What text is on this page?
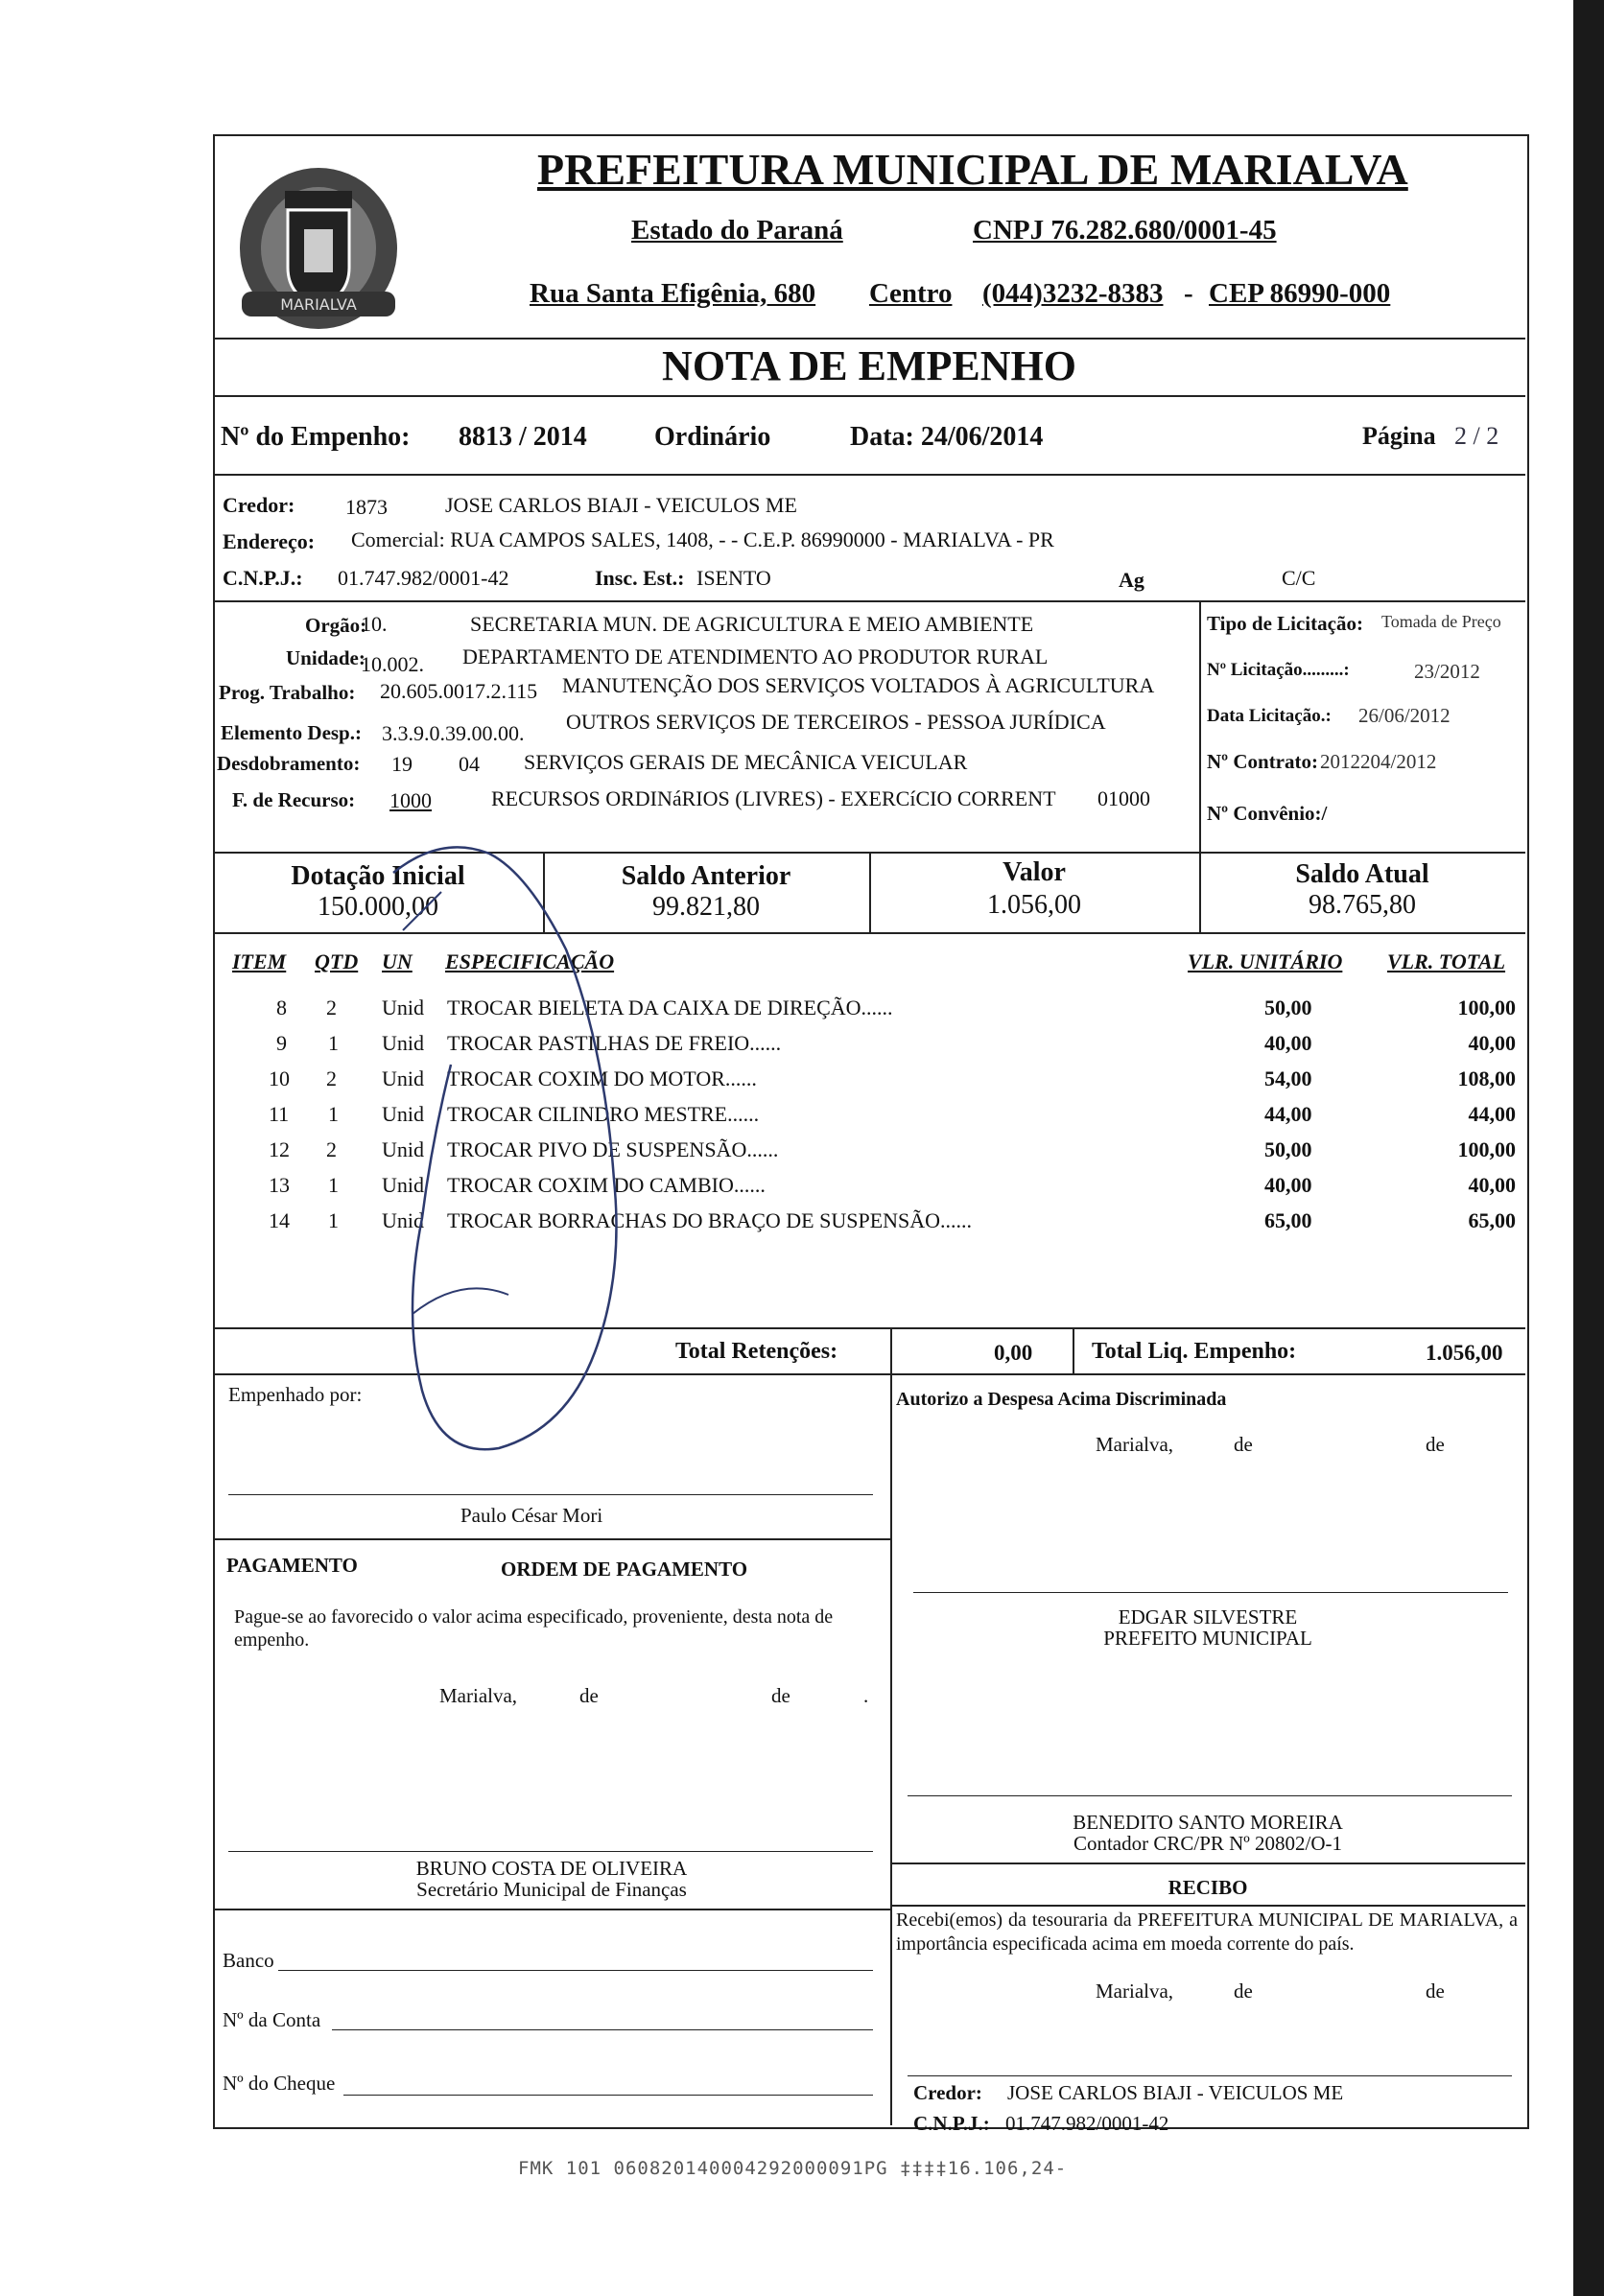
MARIALVA
PREFEITURA MUNICIPAL DE MARIALVA
Estado do Paraná	CNPJ 76.282.680/0001-45
Rua Santa Efigênia, 680 Centro (044)3232-8383 - CEP 86990-000
NOTA DE EMPENHO
Nº do Empenho: 8813 / 2014	Ordinário	Data: 24/06/2014	Página 2 / 2
Credor: 1873	JOSE CARLOS BIAJI - VEICULOS ME
Endereço: Comercial: RUA CAMPOS SALES, 1408, - - C.E.P. 86990000 - MARIALVA - PR
C.N.P.J.: 01.747.982/0001-42	Insc. Est.: ISENTO	Ag	C/C
Orgão:
10.	SECRETARIA MUN. DE AGRICULTURA E MEIO AMBIENTE
Unidade:
10.002. DEPARTAMENTO DE ATENDIMENTO AO PRODUTOR RURAL
Prog. Trabalho: 20.605.0017.2.115 MANUTENÇÃO DOS SERVIÇOS VOLTADOS À AGRICULTURA
Elemento Desp.: 3.3.9.0.39.00.00. OUTROS SERVIÇOS DE TERCEIROS - PESSOA JURÍDICA
Desdobramento: 19 04 SERVIÇOS GERAIS DE MECÂNICA VEICULAR
F. de Recurso: 1000	RECURSOS ORDINáRIOS (LIVRES) - EXERCíCIO CORRENT 01000
Tipo de Licitação: Tomada de Preço
Nº Licitação.........:	23/2012
Data Licitação.: 26/06/2012
Nº Contrato: 2012204/2012
Nº Convênio:/
Dotação Inicial
150.000,00
Saldo Anterior
99.821,80
Valor
1.056,00
Saldo Atual
98.765,80
ITEM QTD UN ESPECIFICAÇÃO	VLR. UNITÁRIO VLR. TOTAL
8 2 Unid TROCAR BIELETA DA CAIXA DE DIREÇÃO......	50,00	100,00
9 1 Unid TROCAR PASTILHAS DE FREIO......	40,00	40,00
10 2 Unid TROCAR COXIM DO MOTOR......	54,00	108,00
11 1 Unid TROCAR CILINDRO MESTRE......	44,00	44,00
12 2 Unid TROCAR PIVO DE SUSPENSÃO......	50,00	100,00
13 1 Unid TROCAR COXIM DO CAMBIO......	40,00	40,00
14 1 Unid TROCAR BORRACHAS DO BRAÇO DE SUSPENSÃO......	65,00	65,00
Total Retenções:	0,00	Total Liq. Empenho:	1.056,00
Empenhado por:
Paulo César Mori
Autorizo a Despesa Acima Discriminada
Marialva,	de	de
EDGAR SILVESTRE
PREFEITO MUNICIPAL
PAGAMENTO	ORDEM DE PAGAMENTO
Pague-se ao favorecido o valor acima especificado, proveniente, desta nota de empenho.
Marialva,	de	de	.
BENEDITO SANTO MOREIRA
Contador CRC/PR Nº 20802/O-1
RECIBO
Recebi(emos) da tesouraria da PREFEITURA MUNICIPAL DE MARIALVA, a importância especificada acima em moeda corrente do país.
Marialva,	de	de
BRUNO COSTA DE OLIVEIRA
Secretário Municipal de Finanças
Banco
Nº da Conta
Nº do Cheque	Credor: JOSE CARLOS BIAJI - VEICULOS ME
C.N.P.J.: 01.747.982/0001-42
FMK 101 060820140004292000091PG ‡‡‡‡16.106,24-
